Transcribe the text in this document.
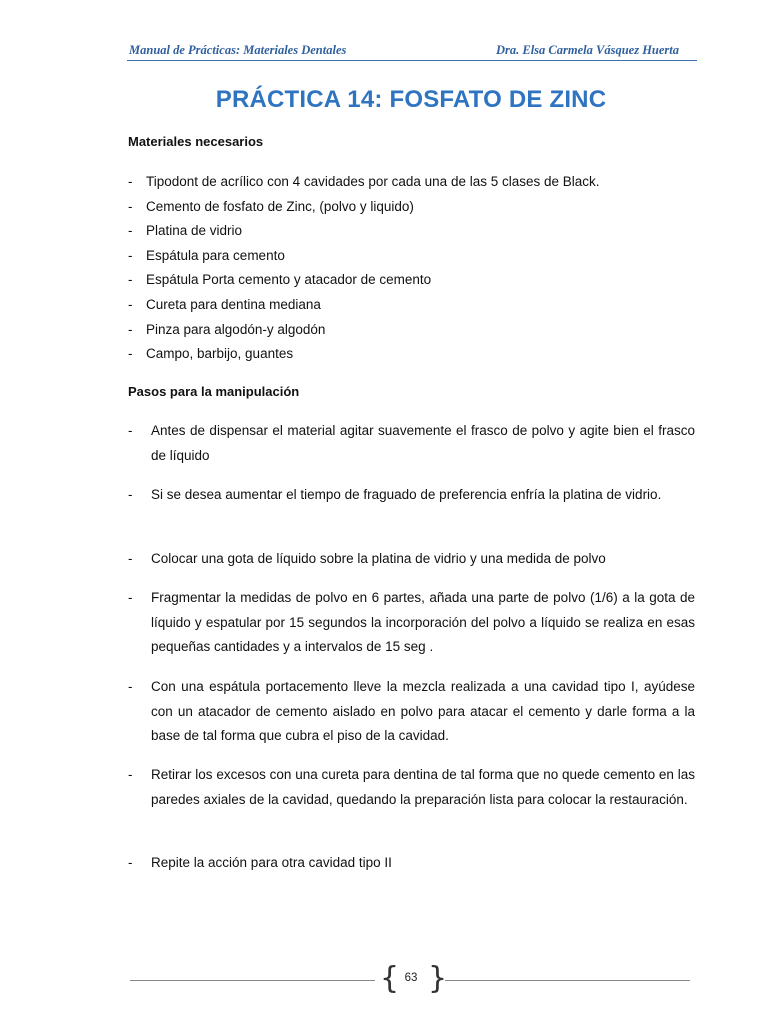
Manual de Prácticas: Materiales Dentales	Dra. Elsa Carmela Vásquez Huerta
PRÁCTICA 14: FOSFATO DE ZINC
Materiales necesarios
- Tipodont de acrílico con 4 cavidades por cada una de las 5 clases de Black.
- Cemento de fosfato de Zinc, (polvo y liquido)
- Platina de vidrio
- Espátula para cemento
- Espátula Porta cemento y atacador de cemento
- Cureta para dentina mediana
- Pinza para algodón-y algodón
- Campo, barbijo, guantes
Pasos para la manipulación
- Antes de dispensar el material agitar suavemente el frasco de polvo y agite bien el frasco de líquido
- Si se desea aumentar el tiempo de fraguado de preferencia enfría la platina de vidrio.
- Colocar una gota de líquido sobre la platina de vidrio y una medida de polvo
- Fragmentar la medidas de polvo en 6 partes, añada una parte de polvo (1/6) a la gota de líquido y espatular por 15 segundos la incorporación del polvo a líquido se realiza en esas pequeñas cantidades y a intervalos de 15 seg .
- Con una espátula portacemento lleve la mezcla realizada a una cavidad tipo I, ayúdese con un atacador de cemento aislado en polvo para atacar el cemento y darle forma a la base de tal forma que cubra el piso de la cavidad.
- Retirar los excesos con una cureta para dentina de tal forma que no quede cemento en las paredes axiales de la cavidad, quedando la preparación lista para colocar la restauración.
- Repite la acción para otra cavidad tipo II
{ }
63
